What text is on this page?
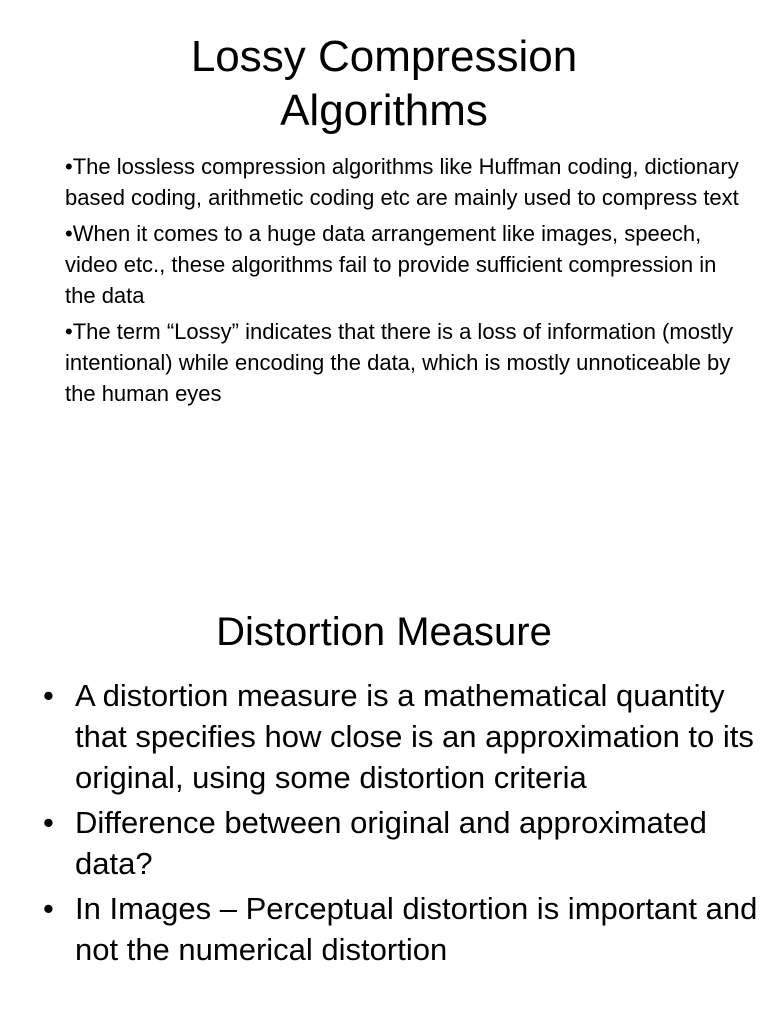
Lossy Compression
Algorithms
•The lossless compression algorithms like Huffman coding, dictionary based coding, arithmetic coding etc are mainly used to compress text
•When it comes to a huge data arrangement like images, speech, video etc., these algorithms fail to provide sufficient compression in the data
•The term “Lossy” indicates that there is a loss of information (mostly intentional) while encoding the data, which is mostly unnoticeable by the human eyes
Distortion Measure
• A distortion measure is a mathematical quantity that specifies how close is an approximation to its original, using some distortion criteria
• Difference between original and approximated data?
• In Images – Perceptual distortion is important and not the numerical distortion
